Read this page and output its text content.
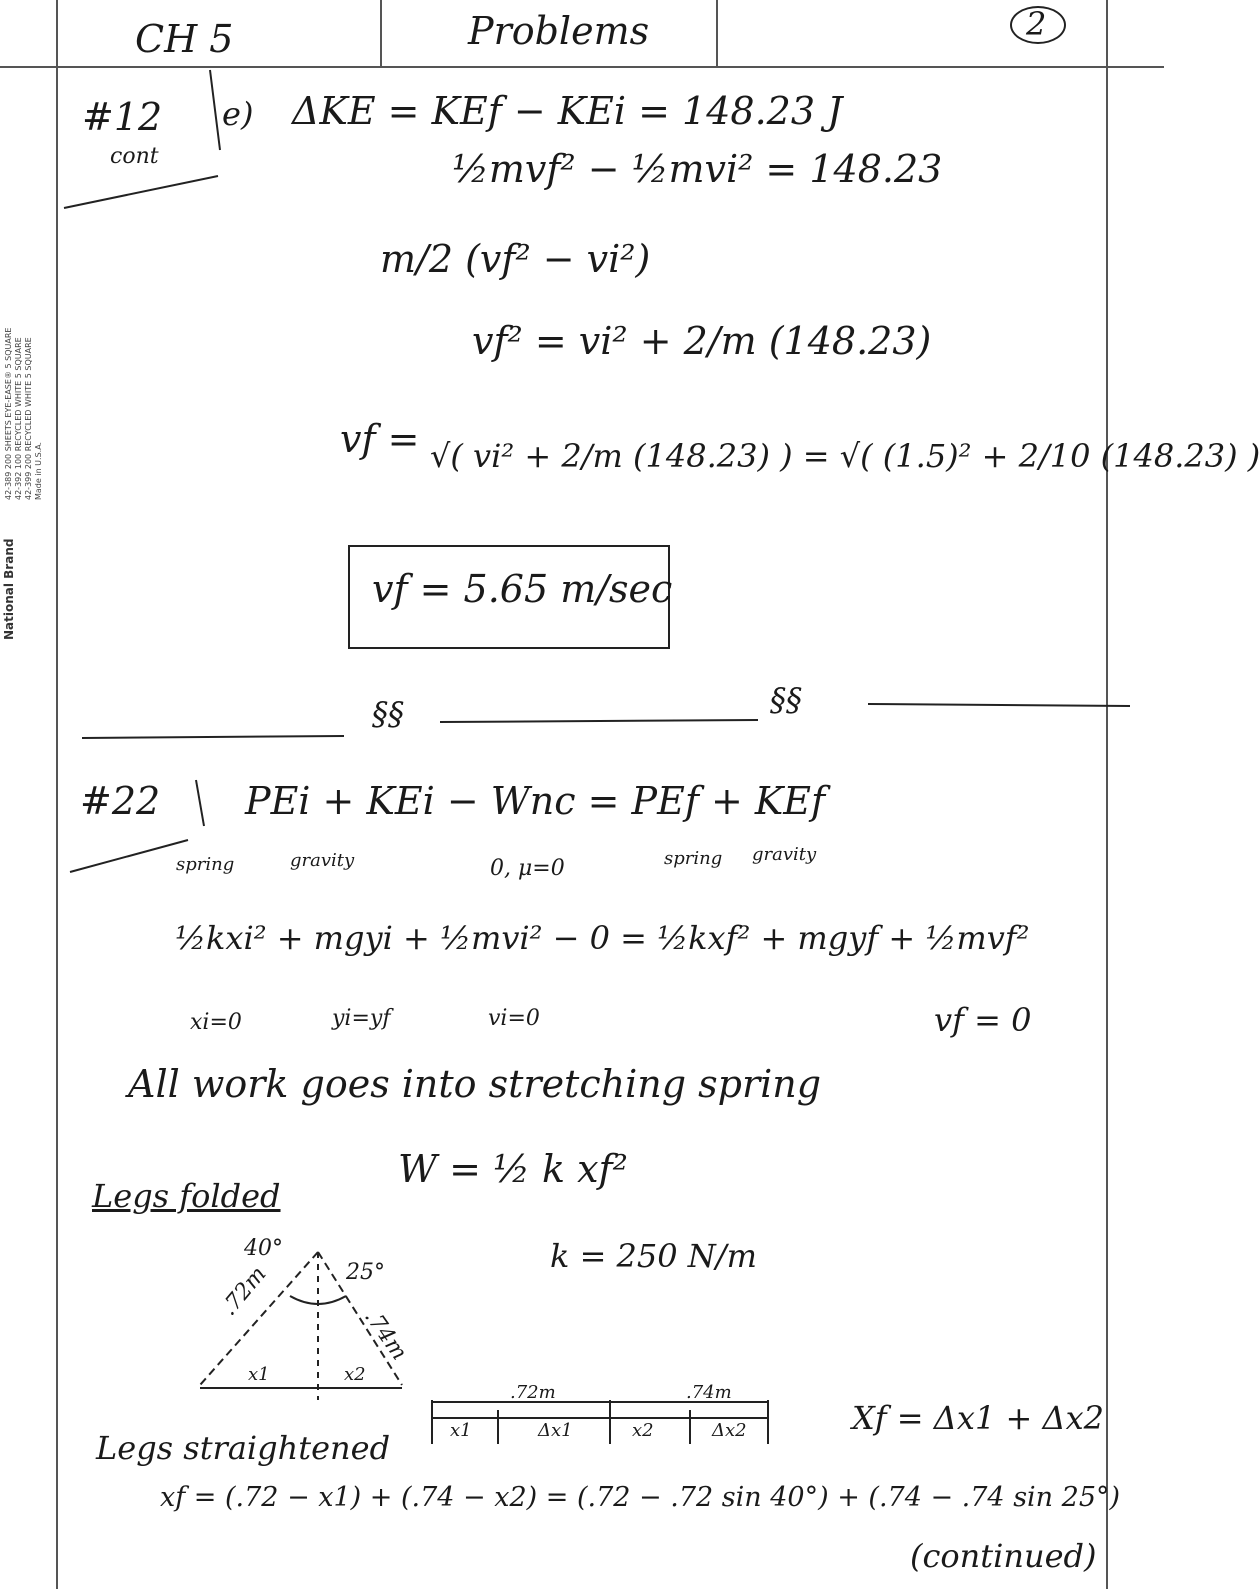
42-389 200 SHEETS EYE-EASE® 5 SQUARE 42-392 100 RECYCLED WHITE 5 SQUARE 42-399 200 RECYCLED WHITE 5 SQUARE Made in U.S.A.
National Brand
CH 5	Problems	2
#12
cont
e) ΔKE = KEf − KEi = 148.23 J
½mvf² − ½mvi² = 148.23
m/2 (vf² − vi²)
vf² = vi² + 2/m (148.23)
vf = √( vi² + 2/m (148.23) ) = √( (1.5)² + 2/10 (148.23) )
vf = 5.65 m/sec
§§	§§
#22 PEi + KEi − Wnc = PEf + KEf
spring	gravity	0, μ=0	spring gravity
½kxi² + mgyi + ½mvi² − 0 = ½kxf² + mgyf + ½mvf²
xi=0	yi=yf	vi=0	vf = 0
All work goes into stretching spring
W = ½ k xf²
Legs folded
k = 250 N/m
40°
25°
.72m
.74m
x1	x2
.72m	.74m
x1	Δx1	x2	Δx2	Xf = Δx1 + Δx2
Legs straightened
xf = (.72 − x1) + (.74 − x2) = (.72 − .72 sin 40°) + (.74 − .74 sin 25°)
(continued)
